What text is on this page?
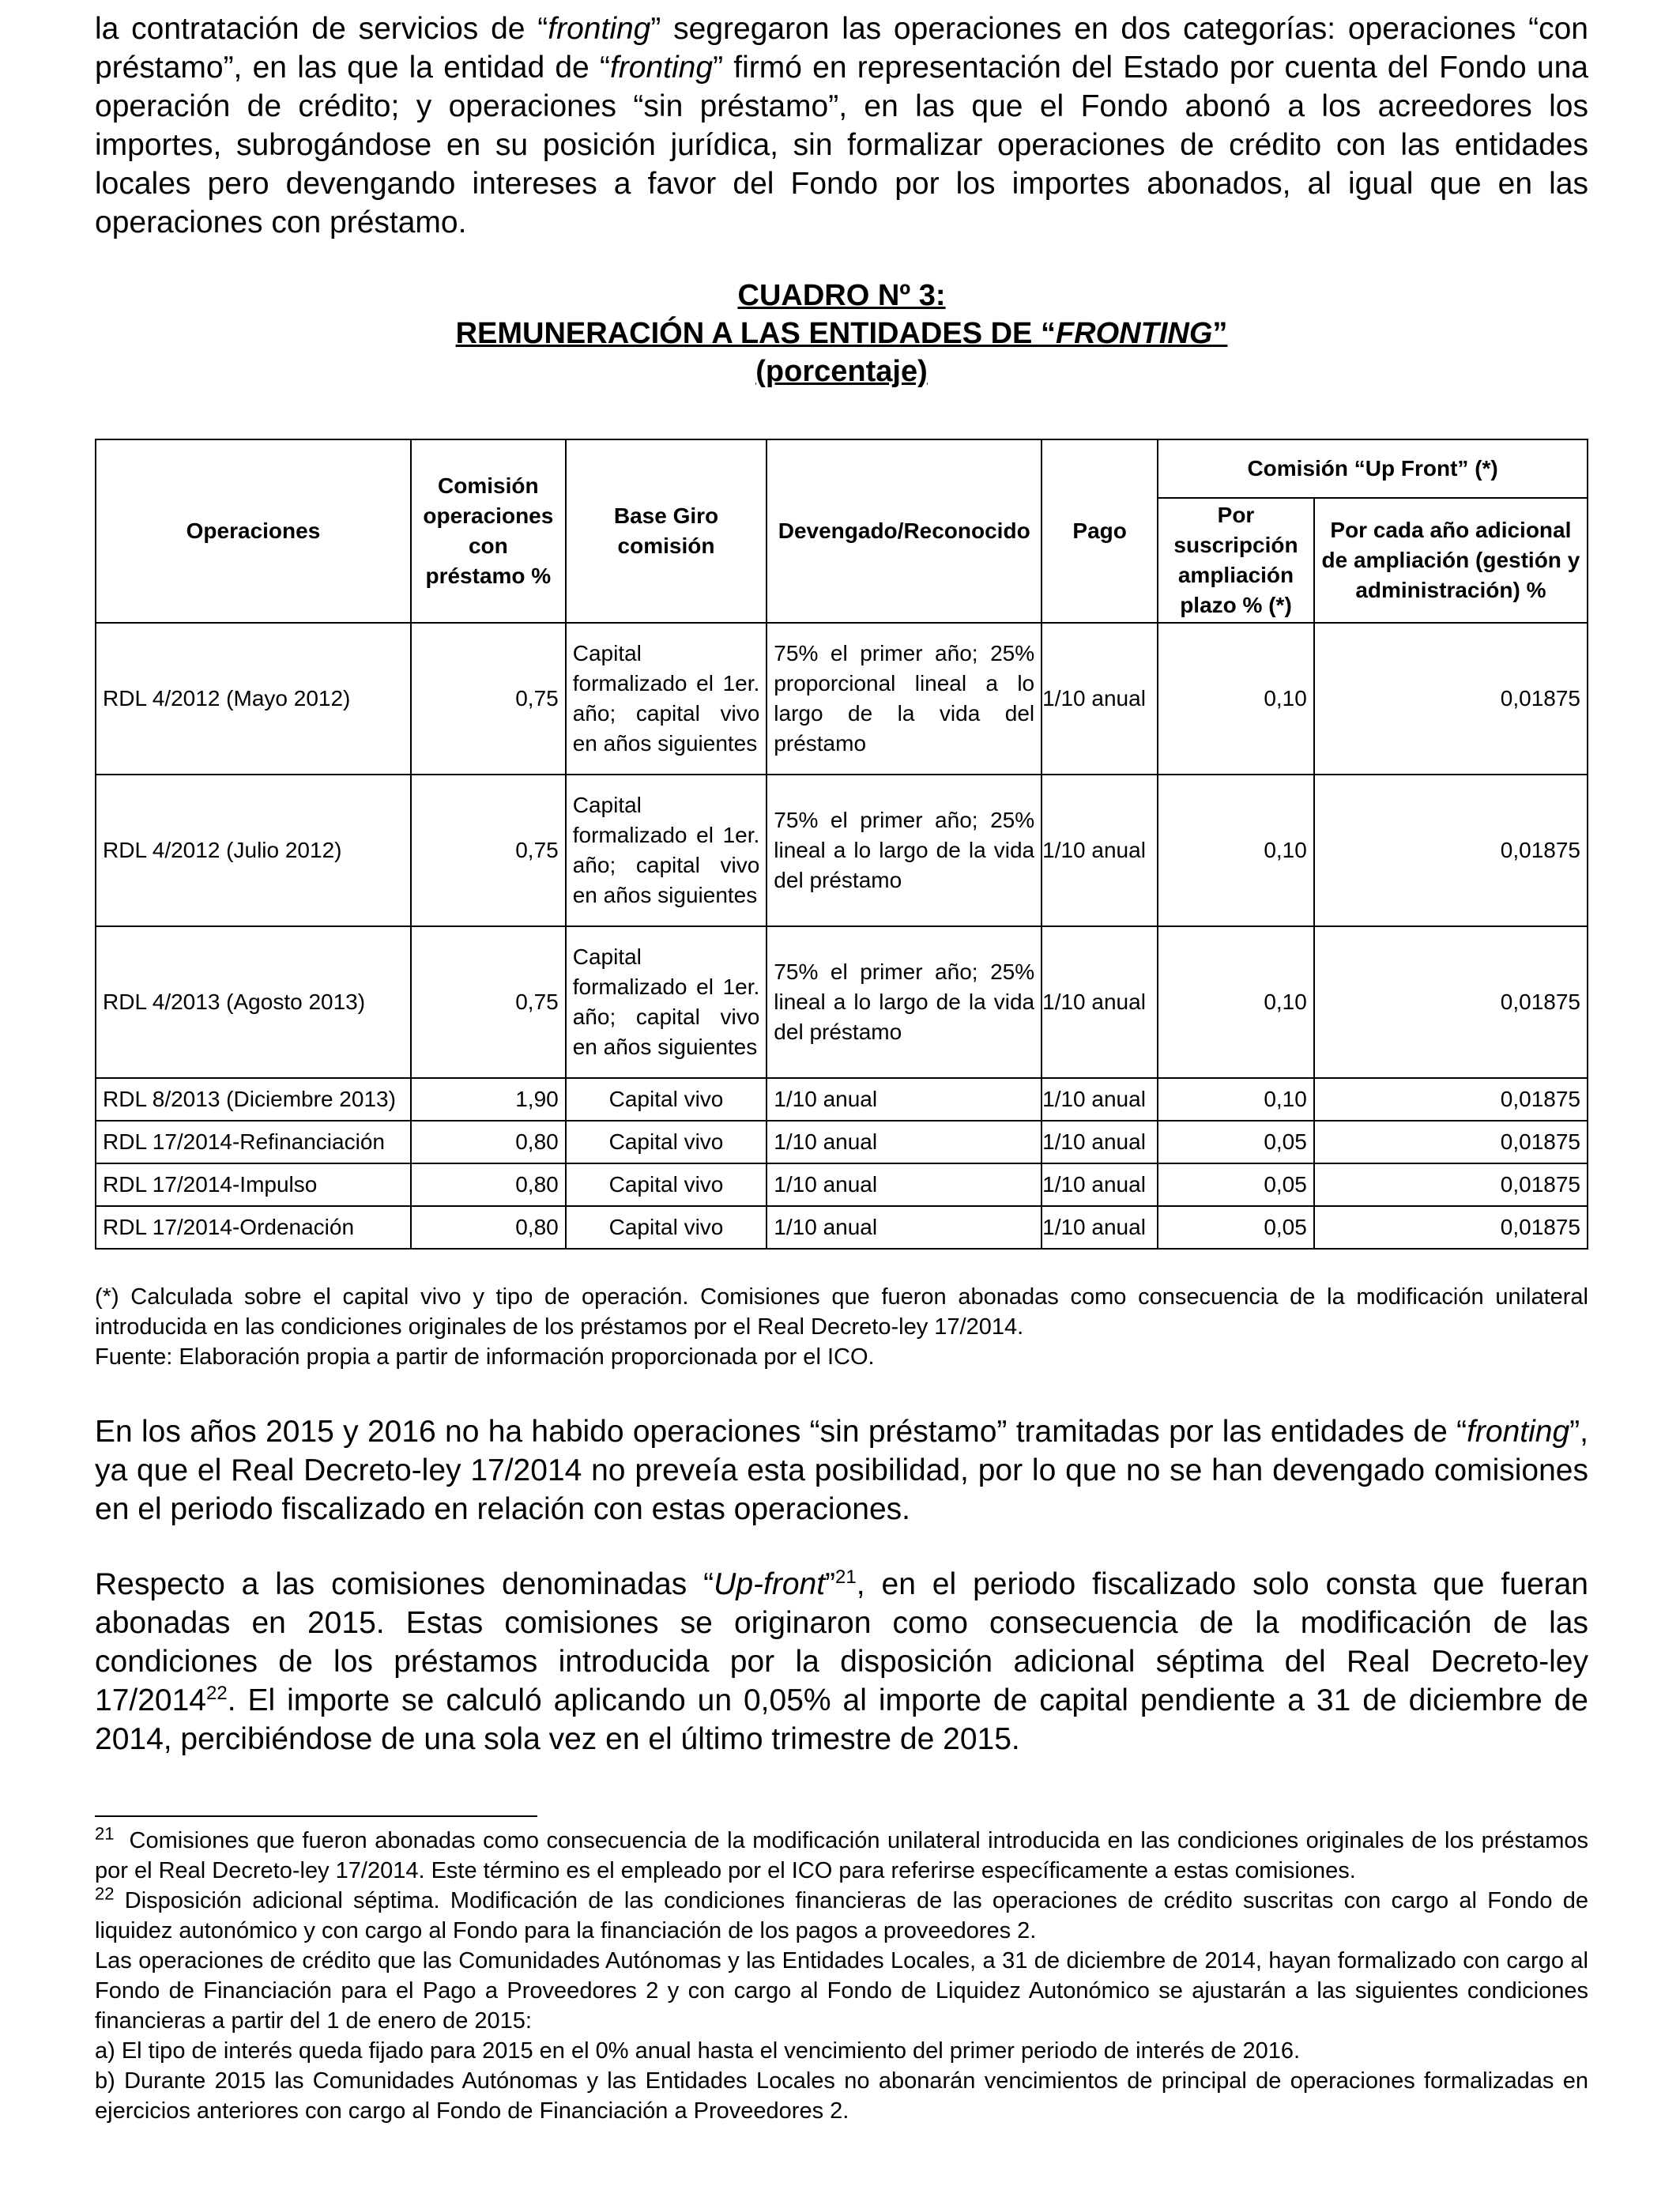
la contratación de servicios de “fronting” segregaron las operaciones en dos categorías: operaciones “con préstamo”, en las que la entidad de “fronting” firmó en representación del Estado por cuenta del Fondo una operación de crédito; y operaciones “sin préstamo”, en las que el Fondo abonó a los acreedores los importes, subrogándose en su posición jurídica, sin formalizar operaciones de crédito con las entidades locales pero devengando intereses a favor del Fondo por los importes abonados, al igual que en las operaciones con préstamo.

CUADRO Nº 3:
REMUNERACIÓN A LAS ENTIDADES DE “FRONTING”
(porcentaje)
Operaciones	Comisión operaciones con préstamo %	Base Giro comisión	Devengado/Reconocido	Pago	Comisión “Up Front” (*)	
					Por suscripción ampliación plazo % (*)	Por cada año adicional de ampliación (gestión y administración) %
RDL 4/2012 (Mayo 2012)	0,75	Capital formalizado el 1er. año; capital vivo en años siguientes	75% el primer año; 25% proporcional lineal a lo largo de la vida del préstamo	1/10 anual	0,10	0,01875
RDL 4/2012 (Julio 2012)	0,75	Capital formalizado el 1er. año; capital vivo en años siguientes	75% el primer año; 25% lineal a lo largo de la vida del préstamo	1/10 anual	0,10	0,01875
RDL 4/2013 (Agosto 2013)	0,75	Capital formalizado el 1er. año; capital vivo en años siguientes	75% el primer año; 25% lineal a lo largo de la vida del préstamo	1/10 anual	0,10	0,01875
RDL 8/2013 (Diciembre 2013)	1,90	Capital vivo	1/10 anual	1/10 anual	0,10	0,01875
RDL 17/2014-Refinanciación	0,80	Capital vivo	1/10 anual	1/10 anual	0,05	0,01875
RDL 17/2014-Impulso	0,80	Capital vivo	1/10 anual	1/10 anual	0,05	0,01875
RDL 17/2014-Ordenación	0,80	Capital vivo	1/10 anual	1/10 anual	0,05	0,01875

(*) Calculada sobre el capital vivo y tipo de operación. Comisiones que fueron abonadas como consecuencia de la modificación unilateral introducida en las condiciones originales de los préstamos por el Real Decreto-ley 17/2014.
Fuente: Elaboración propia a partir de información proporcionada por el ICO.

En los años 2015 y 2016 no ha habido operaciones “sin préstamo” tramitadas por las entidades de “fronting”, ya que el Real Decreto-ley 17/2014 no preveía esta posibilidad, por lo que no se han devengado comisiones en el periodo fiscalizado en relación con estas operaciones.

Respecto a las comisiones denominadas “Up-front”$^{21}$, en el periodo fiscalizado solo consta que fueran abonadas en 2015. Estas comisiones se originaron como consecuencia de la modificación de las condiciones de los préstamos introducida por la disposición adicional séptima del Real Decreto-ley 17/2014$^{22}$. El importe se calculó aplicando un 0,05% al importe de capital pendiente a 31 de diciembre de 2014, percibiéndose de una sola vez en el último trimestre de 2015.

$^{21}$ Comisiones que fueron abonadas como consecuencia de la modificación unilateral introducida en las condiciones originales de los préstamos por el Real Decreto-ley 17/2014. Este término es el empleado por el ICO para referirse específicamente a estas comisiones.

$^{22}$ Disposición adicional séptima. Modificación de las condiciones financieras de las operaciones de crédito suscritas con cargo al Fondo de liquidez autonómico y con cargo al Fondo para la financiación de los pagos a proveedores 2.

Las operaciones de crédito que las Comunidades Autónomas y las Entidades Locales, a 31 de diciembre de 2014, hayan formalizado con cargo al Fondo de Financiación para el Pago a Proveedores 2 y con cargo al Fondo de Liquidez Autonómico se ajustarán a las siguientes condiciones financieras a partir del 1 de enero de 2015:

a) El tipo de interés queda fijado para 2015 en el 0% anual hasta el vencimiento del primer periodo de interés de 2016.

b) Durante 2015 las Comunidades Autónomas y las Entidades Locales no abonarán vencimientos de principal de operaciones formalizadas en ejercicios anteriores con cargo al Fondo de Financiación a Proveedores 2.
